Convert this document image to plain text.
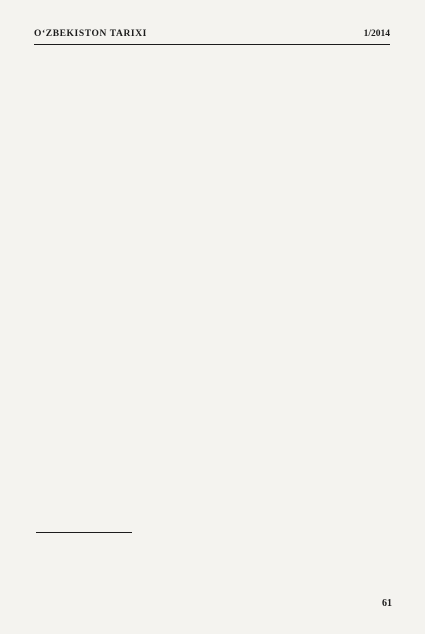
O‘ZBEKISTON TARIXI	1/2014
61
